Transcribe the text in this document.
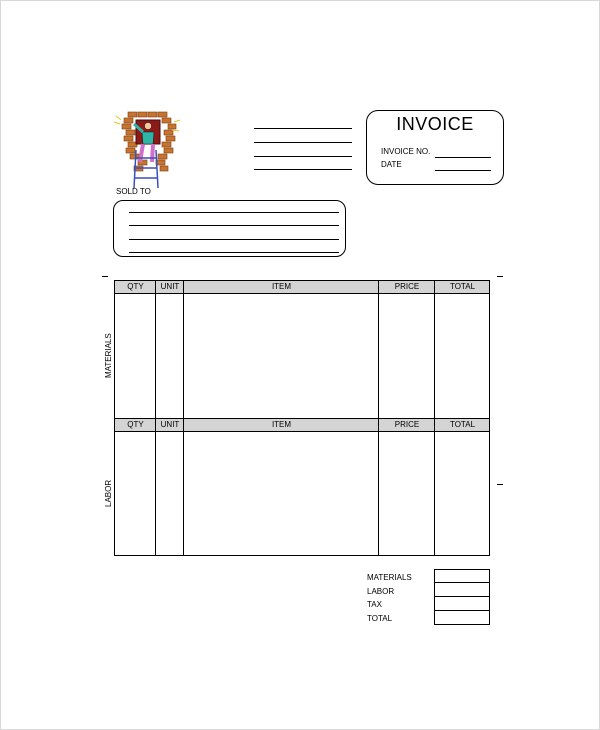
SOLD TO
INVOICE
INVOICE NO.
DATE
MATERIALS
LABOR
QTY	UNIT	ITEM	PRICE	TOTAL
QTY	UNIT	ITEM	PRICE	TOTAL
MATERIALS
LABOR
TAX
TOTAL
